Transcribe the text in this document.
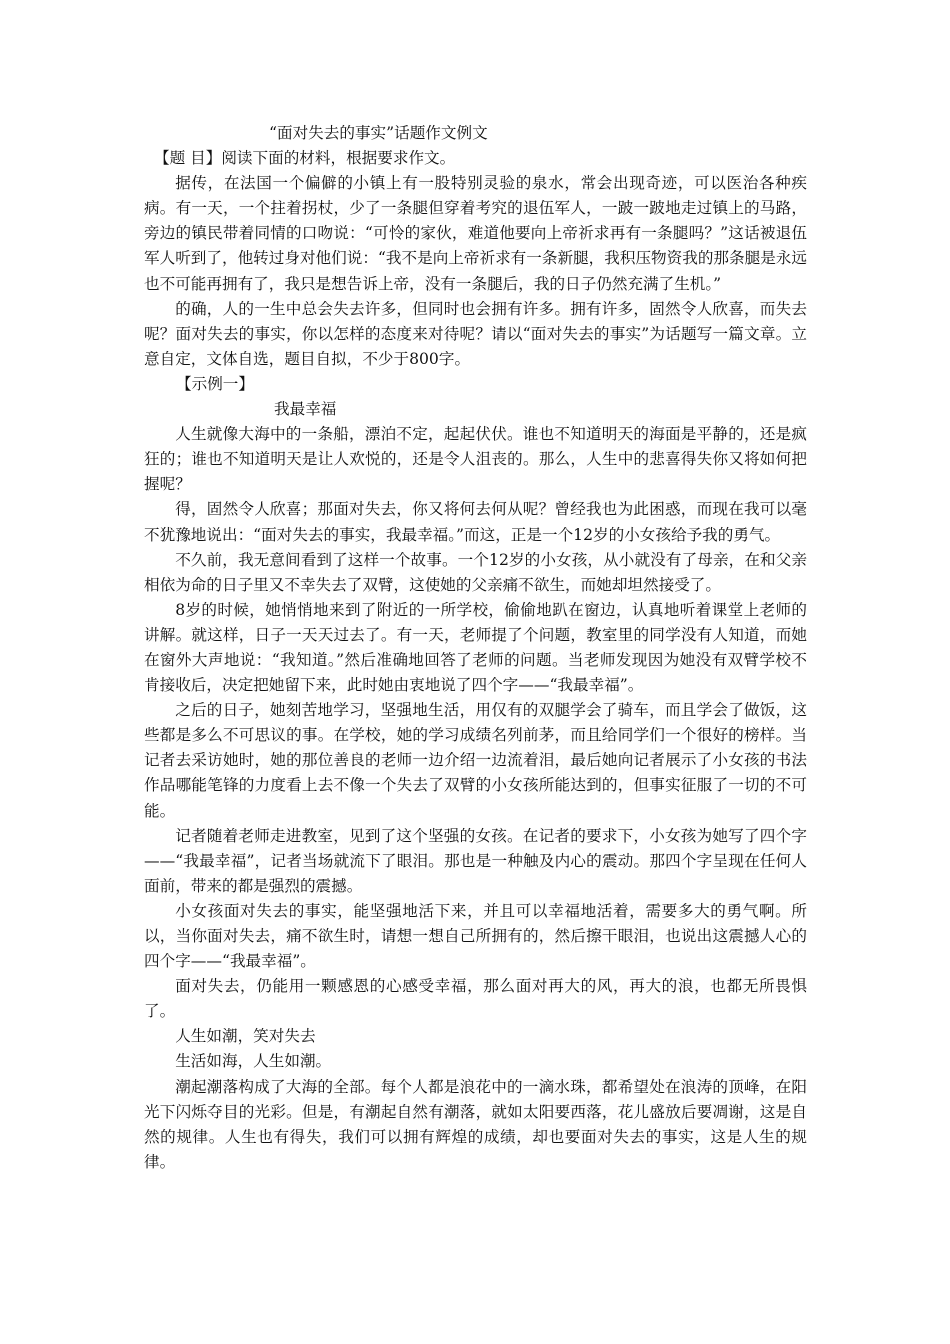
“面对失去的事实”话题作文例文

【题 目】阅读下面的材料，根据要求作文。

据传，在法国一个偏僻的小镇上有一股特别灵验的泉水，常会出现奇迹，可以医治各种疾病。有一天，一个拄着拐杖，少了一条腿但穿着考究的退伍军人，一跛一跛地走过镇上的马路，旁边的镇民带着同情的口吻说：“可怜的家伙，难道他要向上帝祈求再有一条腿吗？”这话被退伍军人听到了，他转过身对他们说：“我不是向上帝祈求有一条新腿，我积压物资我的那条腿是永远也不可能再拥有了，我只是想告诉上帝，没有一条腿后，我的日子仍然充满了生机。”

的确，人的一生中总会失去许多，但同时也会拥有许多。拥有许多，固然令人欣喜，而失去呢？面对失去的事实，你以怎样的态度来对待呢？请以“面对失去的事实”为话题写一篇文章。立意自定，文体自选，题目自拟，不少于800字。

【示例一】

我最幸福

人生就像大海中的一条船，漂泊不定，起起伏伏。谁也不知道明天的海面是平静的，还是疯狂的；谁也不知道明天是让人欢悦的，还是令人沮丧的。那么，人生中的悲喜得失你又将如何把握呢？

得，固然令人欣喜；那面对失去，你又将何去何从呢？曾经我也为此困惑，而现在我可以毫不犹豫地说出：“面对失去的事实，我最幸福。”而这，正是一个12岁的小女孩给予我的勇气。

不久前，我无意间看到了这样一个故事。一个12岁的小女孩，从小就没有了母亲，在和父亲相依为命的日子里又不幸失去了双臂，这使她的父亲痛不欲生，而她却坦然接受了。

8岁的时候，她悄悄地来到了附近的一所学校，偷偷地趴在窗边，认真地听着课堂上老师的讲解。就这样，日子一天天过去了。有一天，老师提了个问题，教室里的同学没有人知道，而她在窗外大声地说：“我知道。”然后准确地回答了老师的问题。当老师发现因为她没有双臂学校不肯接收后，决定把她留下来，此时她由衷地说了四个字——“我最幸福”。

之后的日子，她刻苦地学习，坚强地生活，用仅有的双腿学会了骑车，而且学会了做饭，这些都是多么不可思议的事。在学校，她的学习成绩名列前茅，而且给同学们一个很好的榜样。当记者去采访她时，她的那位善良的老师一边介绍一边流着泪，最后她向记者展示了小女孩的书法作品哪能笔锋的力度看上去不像一个失去了双臂的小女孩所能达到的，但事实征服了一切的不可能。

记者随着老师走进教室，见到了这个坚强的女孩。在记者的要求下，小女孩为她写了四个字——“我最幸福”，记者当场就流下了眼泪。那也是一种触及内心的震动。那四个字呈现在任何人面前，带来的都是强烈的震撼。

小女孩面对失去的事实，能坚强地活下来，并且可以幸福地活着，需要多大的勇气啊。所以，当你面对失去，痛不欲生时，请想一想自己所拥有的，然后擦干眼泪，也说出这震撼人心的四个字——“我最幸福”。

面对失去，仍能用一颗感恩的心感受幸福，那么面对再大的风，再大的浪，也都无所畏惧了。

人生如潮，笑对失去

生活如海，人生如潮。

潮起潮落构成了大海的全部。每个人都是浪花中的一滴水珠，都希望处在浪涛的顶峰，在阳光下闪烁夺目的光彩。但是，有潮起自然有潮落，就如太阳要西落，花儿盛放后要凋谢，这是自然的规律。人生也有得失，我们可以拥有辉煌的成绩，却也要面对失去的事实，这是人生的规律。
